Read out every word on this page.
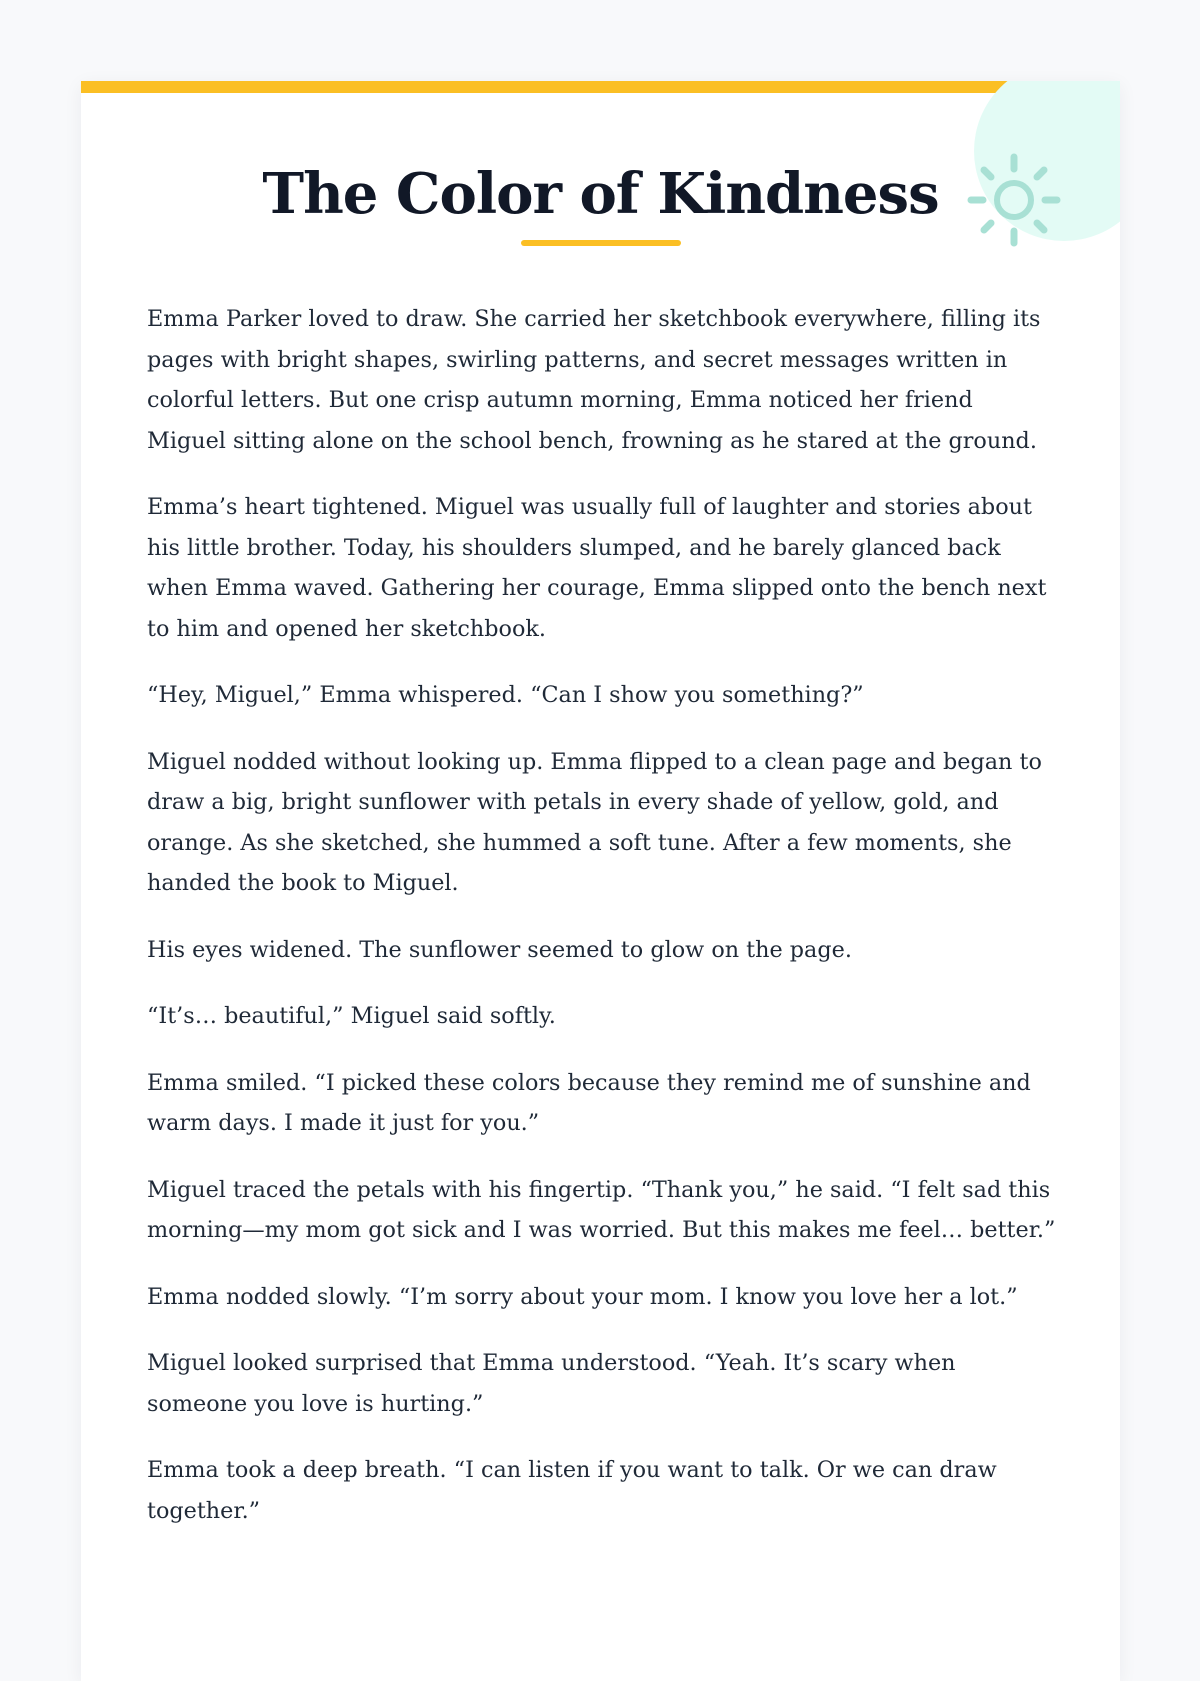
The Color of Kindness

Emma Parker loved to draw. She carried her sketchbook everywhere, filling its pages with bright shapes, swirling patterns, and secret messages written in colorful letters. But one crisp autumn morning, Emma noticed her friend Miguel sitting alone on the school bench, frowning as he stared at the ground.

Emma’s heart tightened. Miguel was usually full of laughter and stories about his little brother. Today, his shoulders slumped, and he barely glanced back when Emma waved. Gathering her courage, Emma slipped onto the bench next to him and opened her sketchbook.

“Hey, Miguel,” Emma whispered. “Can I show you something?”

Miguel nodded without looking up. Emma flipped to a clean page and began to draw a big, bright sunflower with petals in every shade of yellow, gold, and orange. As she sketched, she hummed a soft tune. After a few moments, she handed the book to Miguel.

His eyes widened. The sunflower seemed to glow on the page.

“It’s… beautiful,” Miguel said softly.

Emma smiled. “I picked these colors because they remind me of sunshine and warm days. I made it just for you.”

Miguel traced the petals with his fingertip. “Thank you,” he said. “I felt sad this morning—my mom got sick and I was worried. But this makes me feel… better.”

Emma nodded slowly. “I’m sorry about your mom. I know you love her a lot.”

Miguel looked surprised that Emma understood. “Yeah. It’s scary when someone you love is hurting.”

Emma took a deep breath. “I can listen if you want to talk. Or we can draw together.”
